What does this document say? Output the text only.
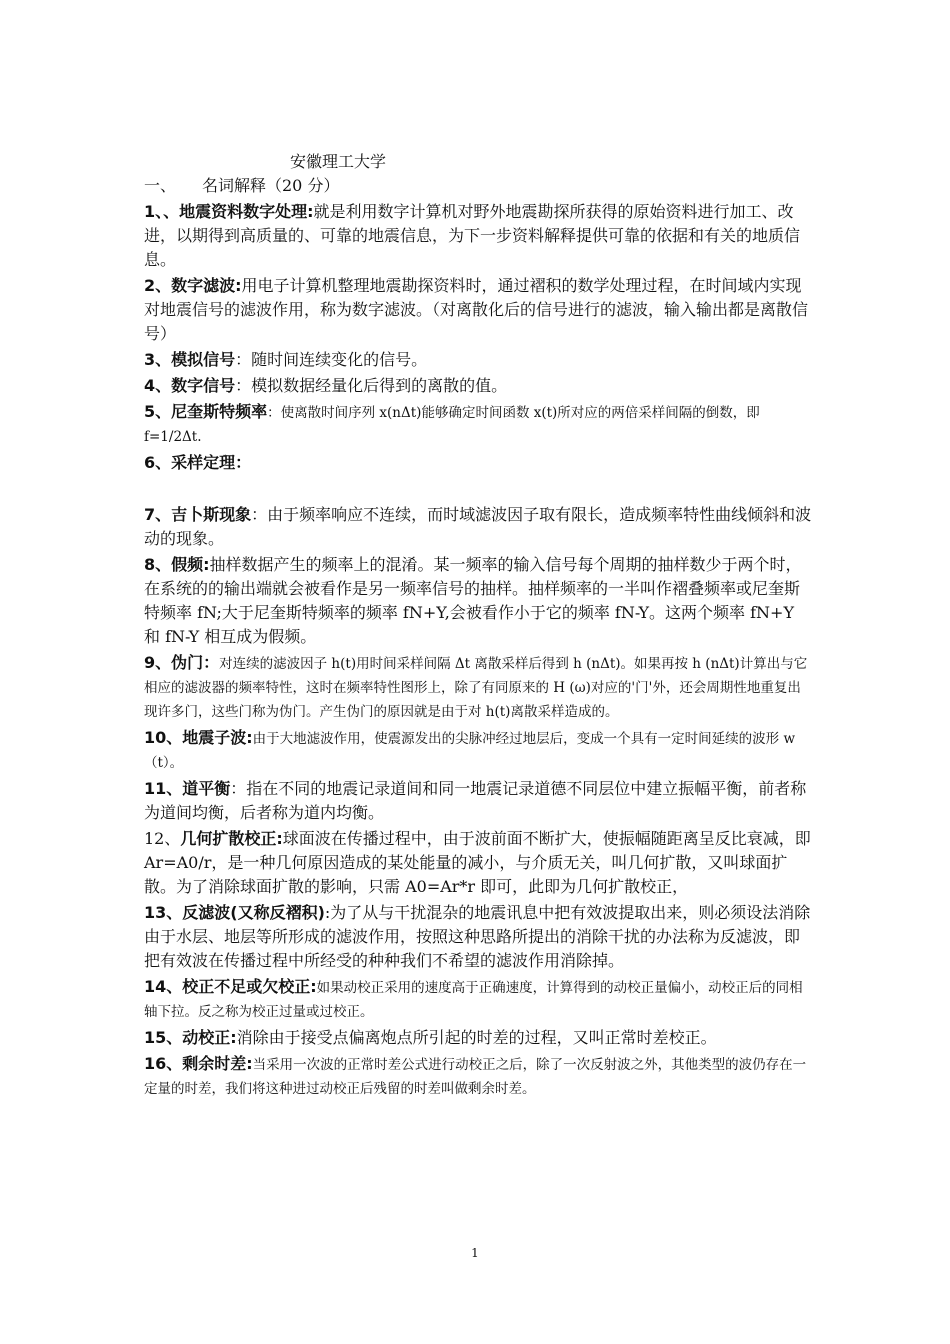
安徽理工大学
一、 名词解释（20 分）

1、、地震资料数字处理:就是利用数字计算机对野外地震勘探所获得的原始资料进行加工、改进，以期得到高质量的、可靠的地震信息，为下一步资料解释提供可靠的依据和有关的地质信息。

2、数字滤波:用电子计算机整理地震勘探资料时，通过褶积的数学处理过程，在时间域内实现对地震信号的滤波作用，称为数字滤波。（对离散化后的信号进行的滤波，输入输出都是离散信号）

3、模拟信号：随时间连续变化的信号。

4、数字信号：模拟数据经量化后得到的离散的值。

5、尼奎斯特频率：使离散时间序列 x(nΔt)能够确定时间函数 x(t)所对应的两倍采样间隔的倒数，即 f=1/2Δt.

6、采样定理：

7、吉卜斯现象：由于频率响应不连续，而时域滤波因子取有限长，造成频率特性曲线倾斜和波动的现象。

8、假频:抽样数据产生的频率上的混淆。某一频率的输入信号每个周期的抽样数少于两个时，在系统的的输出端就会被看作是另一频率信号的抽样。抽样频率的一半叫作褶叠频率或尼奎斯特频率 fN;大于尼奎斯特频率的频率 fN+Y,会被看作小于它的频率 fN-Y。这两个频率 fN+Y 和 fN-Y 相互成为假频。

9、伪门：对连续的滤波因子 h(t)用时间采样间隔 Δt 离散采样后得到 h (nΔt)。如果再按 h (nΔt)计算出与它相应的滤波器的频率特性，这时在频率特性图形上，除了有同原来的 H (ω)对应的'门'外，还会周期性地重复出现许多门，这些门称为伪门。产生伪门的原因就是由于对 h(t)离散采样造成的。

10、地震子波:由于大地滤波作用，使震源发出的尖脉冲经过地层后，变成一个具有一定时间延续的波形 w（t）。

11、道平衡：指在不同的地震记录道间和同一地震记录道德不同层位中建立振幅平衡，前者称为道间均衡，后者称为道内均衡。

12、几何扩散校正:球面波在传播过程中，由于波前面不断扩大，使振幅随距离呈反比衰减，即 Ar=A0/r，是一种几何原因造成的某处能量的减小，与介质无关，叫几何扩散，又叫球面扩散。为了消除球面扩散的影响，只需 A0=Ar*r 即可，此即为几何扩散校正，

13、反滤波(又称反褶积):为了从与干扰混杂的地震讯息中把有效波提取出来，则必须设法消除由于水层、地层等所形成的滤波作用，按照这种思路所提出的消除干扰的办法称为反滤波，即把有效波在传播过程中所经受的种种我们不希望的滤波作用消除掉。

14、校正不足或欠校正:如果动校正采用的速度高于正确速度，计算得到的动校正量偏小，动校正后的同相轴下拉。反之称为校正过量或过校正。

15、动校正:消除由于接受点偏离炮点所引起的时差的过程，又叫正常时差校正。

16、剩余时差:当采用一次波的正常时差公式进行动校正之后，除了一次反射波之外，其他类型的波仍存在一定量的时差，我们将这种进过动校正后残留的时差叫做剩余时差。

1
